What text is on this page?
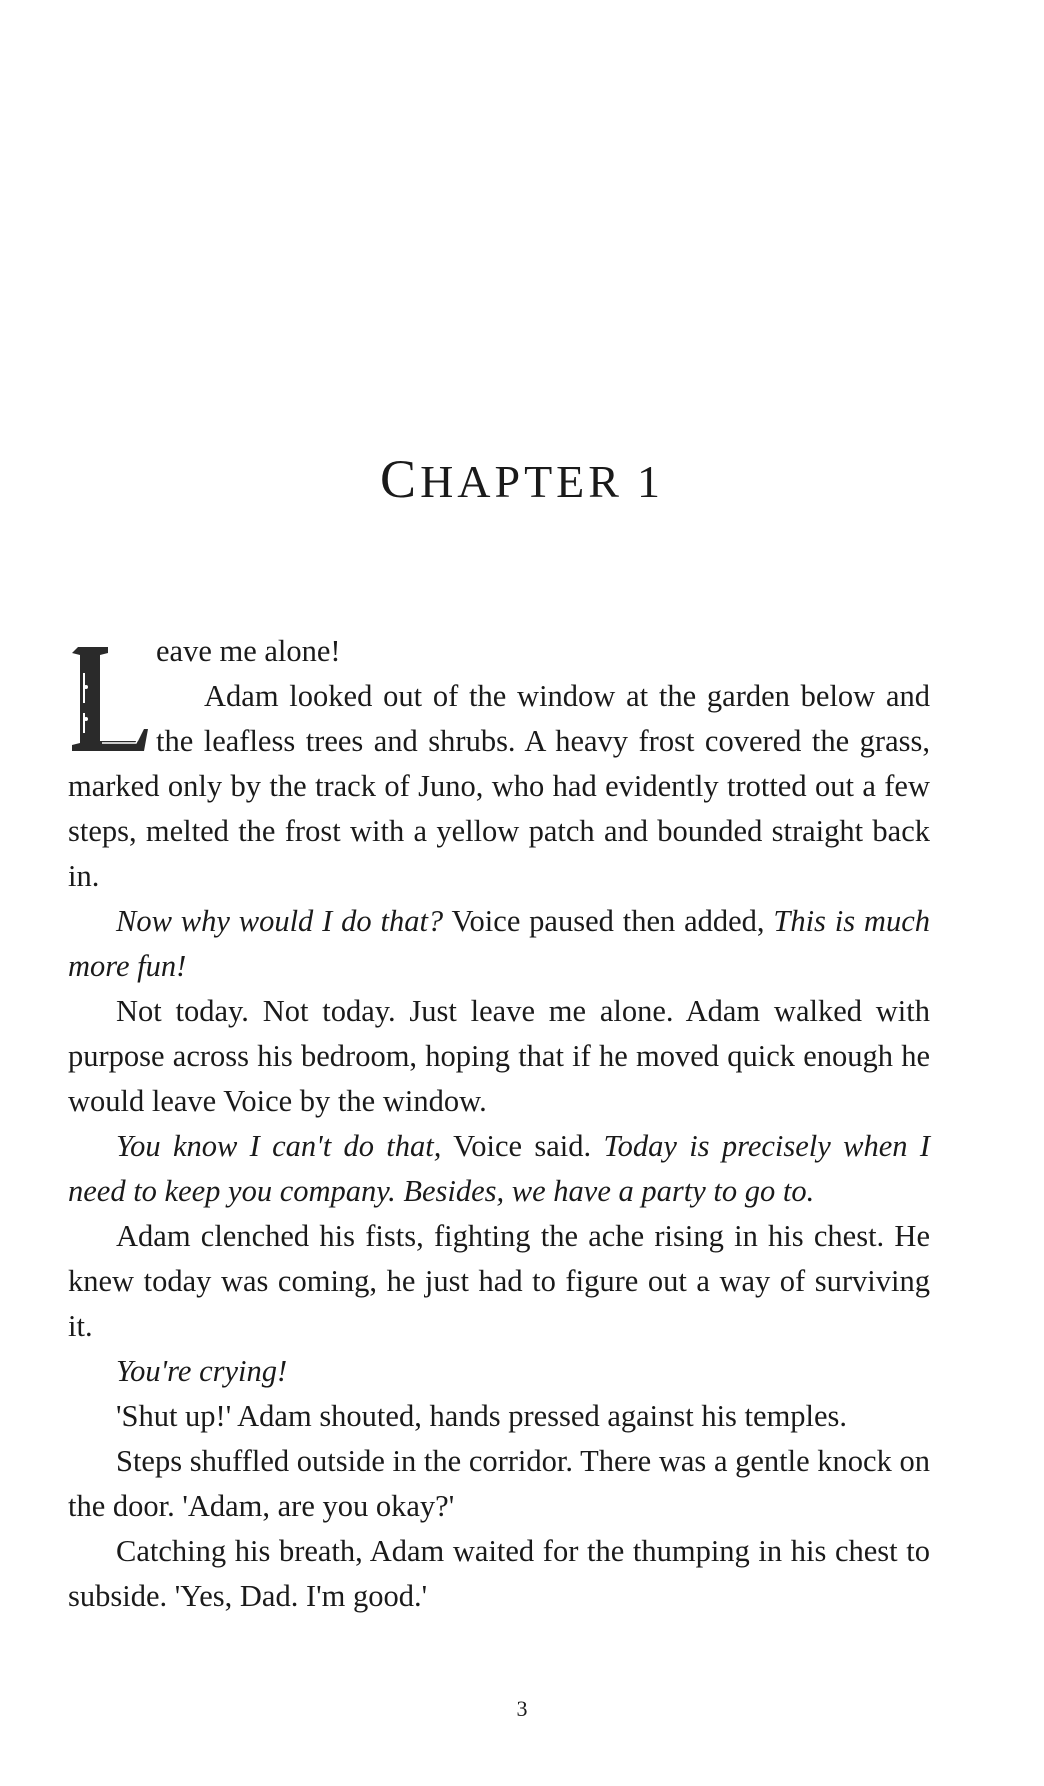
CHAPTER 1

eave me alone!

Adam looked out of the window at the garden below and the leafless trees and shrubs. A heavy frost covered the grass, marked only by the track of Juno, who had evidently trotted out a few steps, melted the frost with a yellow patch and bounded straight back in.

Now why would I do that? Voice paused then added, This is much more fun!

Not today. Not today. Just leave me alone. Adam walked with purpose across his bedroom, hoping that if he moved quick enough he would leave Voice by the window.

You know I can't do that, Voice said. Today is precisely when I need to keep you company. Besides, we have a party to go to.

Adam clenched his fists, fighting the ache rising in his chest. He knew today was coming, he just had to figure out a way of surviving it.

You're crying!

'Shut up!' Adam shouted, hands pressed against his temples.

Steps shuffled outside in the corridor. There was a gentle knock on the door. 'Adam, are you okay?'

Catching his breath, Adam waited for the thumping in his chest to subside. 'Yes, Dad. I'm good.'

3
